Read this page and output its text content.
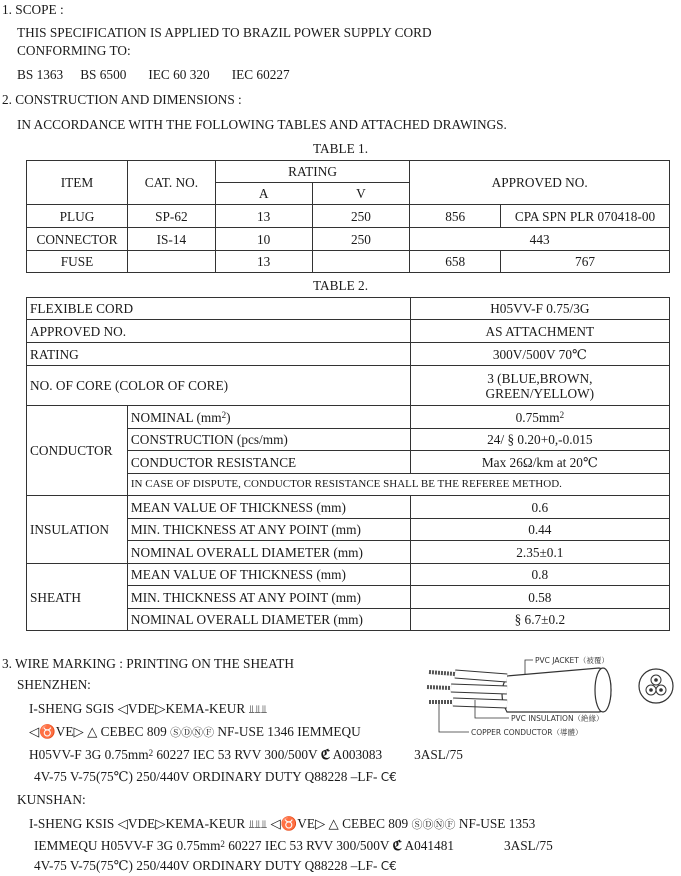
1. SCOPE :
THIS SPECIFICATION IS APPLIED TO BRAZIL POWER SUPPLY CORD
CONFORMING TO:
BS 1363 BS 6500 IEC 60 320 IEC 60227
2. CONSTRUCTION AND DIMENSIONS :
IN ACCORDANCE WITH THE FOLLOWING TABLES AND ATTACHED DRAWINGS.
TABLE 1.
ITEM	CAT. NO.	RATING		APPROVED NO.	
		A	V		
PLUG	SP-62	13	250	856	CPA SPN PLR 070418-00
CONNECTOR	IS-14	10	250	443	
FUSE		13		658	767
TABLE 2.
FLEXIBLE CORD		H05VV-F 0.75/3G
APPROVED NO.		AS ATTACHMENT
RATING		300V/500V 70℃
NO. OF CORE (COLOR OF CORE)		3 (BLUE,BROWN,
GREEN/YELLOW)

CONDUCTOR	NOMINAL $(mm^2)$	$0.75mm^2$
	CONSTRUCTION (pcs/mm)	24/ § 0.20+0,-0.015
	CONDUCTOR RESISTANCE	Max 26Ω/km at 20℃
	IN CASE OF DISPUTE, CONDUCTOR RESISTANCE SHALL BE THE REFEREE METHOD.	
INSULATION	MEAN VALUE OF THICKNESS (mm)	0.6
	MIN. THICKNESS AT ANY POINT (mm)	0.44
	NOMINAL OVERALL DIAMETER (mm)	2.35±0.1
SHEATH	MEAN VALUE OF THICKNESS (mm)	0.8
	MIN. THICKNESS AT ANY POINT (mm)	0.58
	NOMINAL OVERALL DIAMETER (mm)	§ 6.7±0.2
3. WIRE MARKING : PRINTING ON THE SHEATH
SHENZHEN:
PVC JACKET（被覆）
PVC INSULATION（絶緣）
COPPER CONDUCTOR（導體）
I-SHENG SGIS ◁VDE▷KEMA-KEUR ⫫⫫⫫
◁♉VE▷ △ CEBEC 809 ⓈⒹⓃⒻ NF-USE 1346 IEMMEQU
H05VV-F 3G $0.75mm^2$ 60227 IEC 53 RVV 300/500V ℭ A003083 3ASL/75
4V-75 V-75(75℃) 250/440V ORDINARY DUTY Q88228 –LF- C€
KUNSHAN:
I-SHENG KSIS ◁VDE▷KEMA-KEUR ⫫⫫⫫ ◁♉VE▷ △ CEBEC 809 ⓈⒹⓃⒻ NF-USE 1353
IEMMEQU H05VV-F 3G $0.75mm^2$ 60227 IEC 53 RVV 300/500V ℭ A041481	3ASL/75
4V-75 V-75(75℃) 250/440V ORDINARY DUTY Q88228 –LF- C€
